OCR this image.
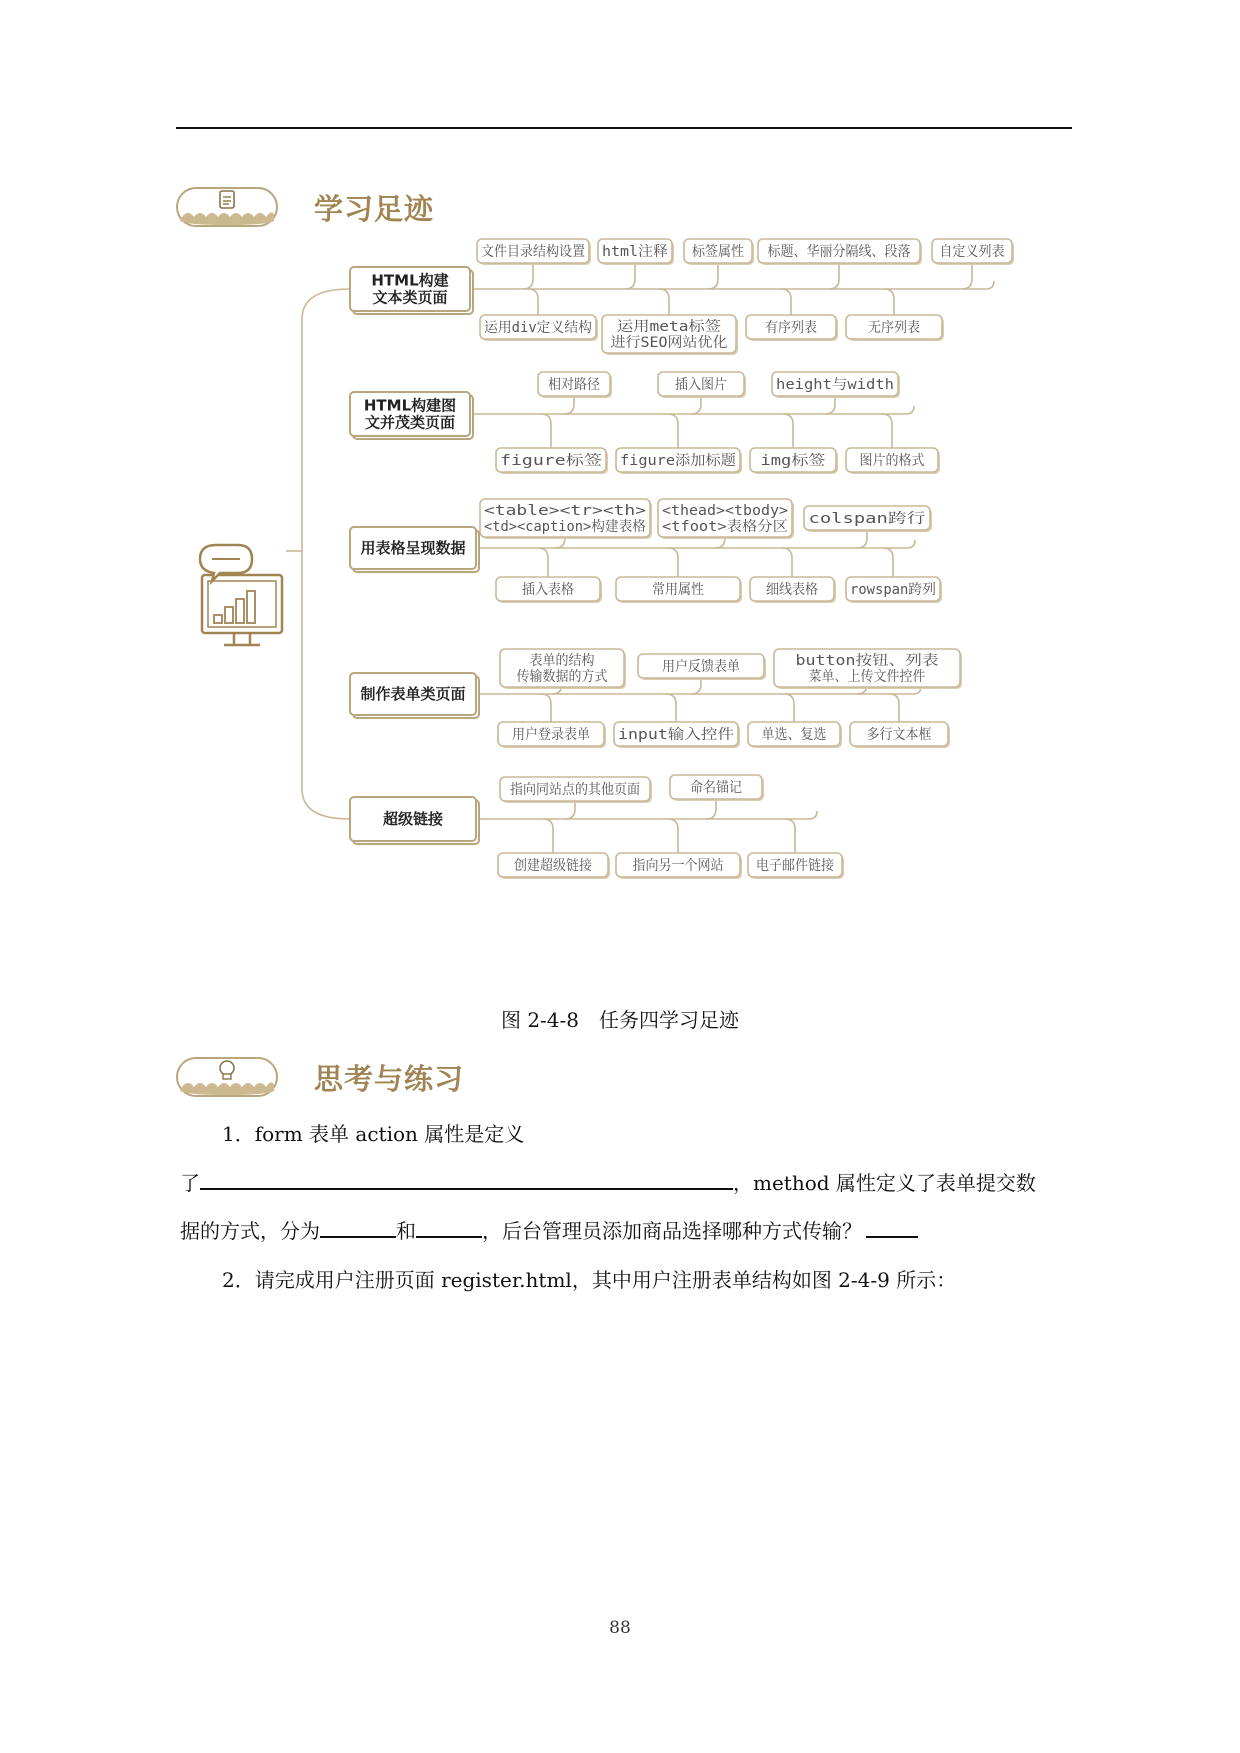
学习足迹
文件目录结构设置 html注释 标签属性 标题、华丽分隔线、段落 自定义列表
运用div定义结构 运用meta标签
进行SEO网站优化
有序列表	无序列表
HTML构建
文本类页面
相对路径	插入图片	height与width
figure标签	figure添加标题	img标签	图片的格式
HTML构建图
文并茂类页面
<table><tr><th>
<td><caption>构建表格
<thead><tbody>
<tfoot>表格分区	colspan跨行
插入表格	常用属性	细线表格 rowspan跨列
用表格呈现数据
表单的结构
传输数据的方式
用户反馈表单	button按钮、列表
菜单、上传文件控件
用户登录表单 input输入控件	单选、复选	多行文本框
制作表单类页面
指向同站点的其他页面	命名锚记
创建超级链接 指向另一个网站 电子邮件链接
超级链接
图 2-4-8　任务四学习足迹
思考与练习
1．form 表单 action 属性是定义
了	，method 属性定义了表单提交数
据的方式，分为	和	，后台管理员添加商品选择哪种方式传输？
2．请完成用户注册页面 register.html，其中用户注册表单结构如图 2-4-9 所示：
88
